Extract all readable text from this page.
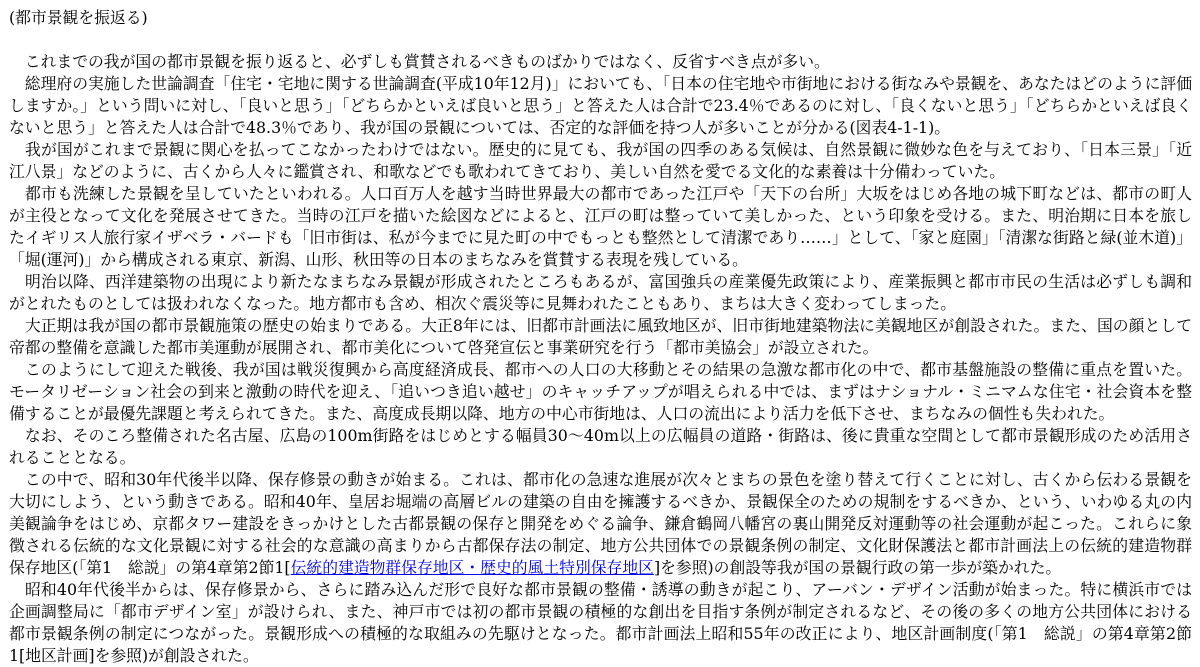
(都市景観を振返る)

　これまでの我が国の都市景観を振り返ると、必ずしも賞賛されるべきものばかりではなく、反省すべき点が多い。

　総理府の実施した世論調査「住宅・宅地に関する世論調査(平成10年12月)」においても、「日本の住宅地や市街地における街なみや景観を、あなたはどのように評価しますか。」という問いに対し、「良いと思う」「どちらかといえば良いと思う」と答えた人は合計で23.4％であるのに対し、「良くないと思う」「どちらかといえば良くないと思う」と答えた人は合計で48.3％であり、我が国の景観については、否定的な評価を持つ人が多いことが分かる(図表4-1-1)。

　我が国がこれまで景観に関心を払ってこなかったわけではない。歴史的に見ても、我が国の四季のある気候は、自然景観に微妙な色を与えており、「日本三景」「近江八景」などのように、古くから人々に鑑賞され、和歌などでも歌われてきており、美しい自然を愛でる文化的な素養は十分備わっていた。

　都市も洗練した景観を呈していたといわれる。人口百万人を越す当時世界最大の都市であった江戸や「天下の台所」大坂をはじめ各地の城下町などは、都市の町人が主役となって文化を発展させてきた。当時の江戸を描いた絵図などによると、江戸の町は整っていて美しかった、という印象を受ける。また、明治期に日本を旅したイギリス人旅行家イザベラ・バードも「旧市街は、私が今までに見た町の中でもっとも整然として清潔であり……」として、「家と庭園」「清潔な街路と緑(並木道)」「堀(運河)」から構成される東京、新潟、山形、秋田等の日本のまちなみを賞賛する表現を残している。

　明治以降、西洋建築物の出現により新たなまちなみ景観が形成されたところもあるが、富国強兵の産業優先政策により、産業振興と都市市民の生活は必ずしも調和がとれたものとしては扱われなくなった。地方都市も含め、相次ぐ震災等に見舞われたこともあり、まちは大きく変わってしまった。

　大正期は我が国の都市景観施策の歴史の始まりである。大正8年には、旧都市計画法に風致地区が、旧市街地建築物法に美観地区が創設された。また、国の顔として帝都の整備を意識した都市美運動が展開され、都市美化について啓発宣伝と事業研究を行う「都市美協会」が設立された。

　このようにして迎えた戦後、我が国は戦災復興から高度経済成長、都市への人口の大移動とその結果の急激な都市化の中で、都市基盤施設の整備に重点を置いた。モータリゼーション社会の到来と激動の時代を迎え、「追いつき追い越せ」のキャッチアップが唱えられる中では、まずはナショナル・ミニマムな住宅・社会資本を整備することが最優先課題と考えられてきた。また、高度成長期以降、地方の中心市街地は、人口の流出により活力を低下させ、まちなみの個性も失われた。

　なお、そのころ整備された名古屋、広島の100m街路をはじめとする幅員30～40m以上の広幅員の道路・街路は、後に貴重な空間として都市景観形成のため活用されることとなる。

　この中で、昭和30年代後半以降、保存修景の動きが始まる。これは、都市化の急速な進展が次々とまちの景色を塗り替えて行くことに対し、古くから伝わる景観を大切にしよう、という動きである。昭和40年、皇居お堀端の高層ビルの建築の自由を擁護するべきか、景観保全のための規制をするべきか、という、いわゆる丸の内美観論争をはじめ、京都タワー建設をきっかけとした古都景観の保存と開発をめぐる論争、鎌倉鶴岡八幡宮の裏山開発反対運動等の社会運動が起こった。これらに象徴される伝統的な文化景観に対する社会的な意識の高まりから古都保存法の制定、地方公共団体での景観条例の制定、文化財保護法と都市計画法上の伝統的建造物群保存地区(「第1　総説」の第4章第2節1[伝統的建造物群保存地区・歴史的風土特別保存地区]を参照)の創設等我が国の景観行政の第一歩が築かれた。

　昭和40年代後半からは、保存修景から、さらに踏み込んだ形で良好な都市景観の整備・誘導の動きが起こり、アーバン・デザイン活動が始まった。特に横浜市では企画調整局に「都市デザイン室」が設けられ、また、神戸市では初の都市景観の積極的な創出を目指す条例が制定されるなど、その後の多くの地方公共団体における都市景観条例の制定につながった。景観形成への積極的な取組みの先駆けとなった。都市計画法上昭和55年の改正により、地区計画制度(「第1　総説」の第4章第2節1[地区計画]を参照)が創設された。
